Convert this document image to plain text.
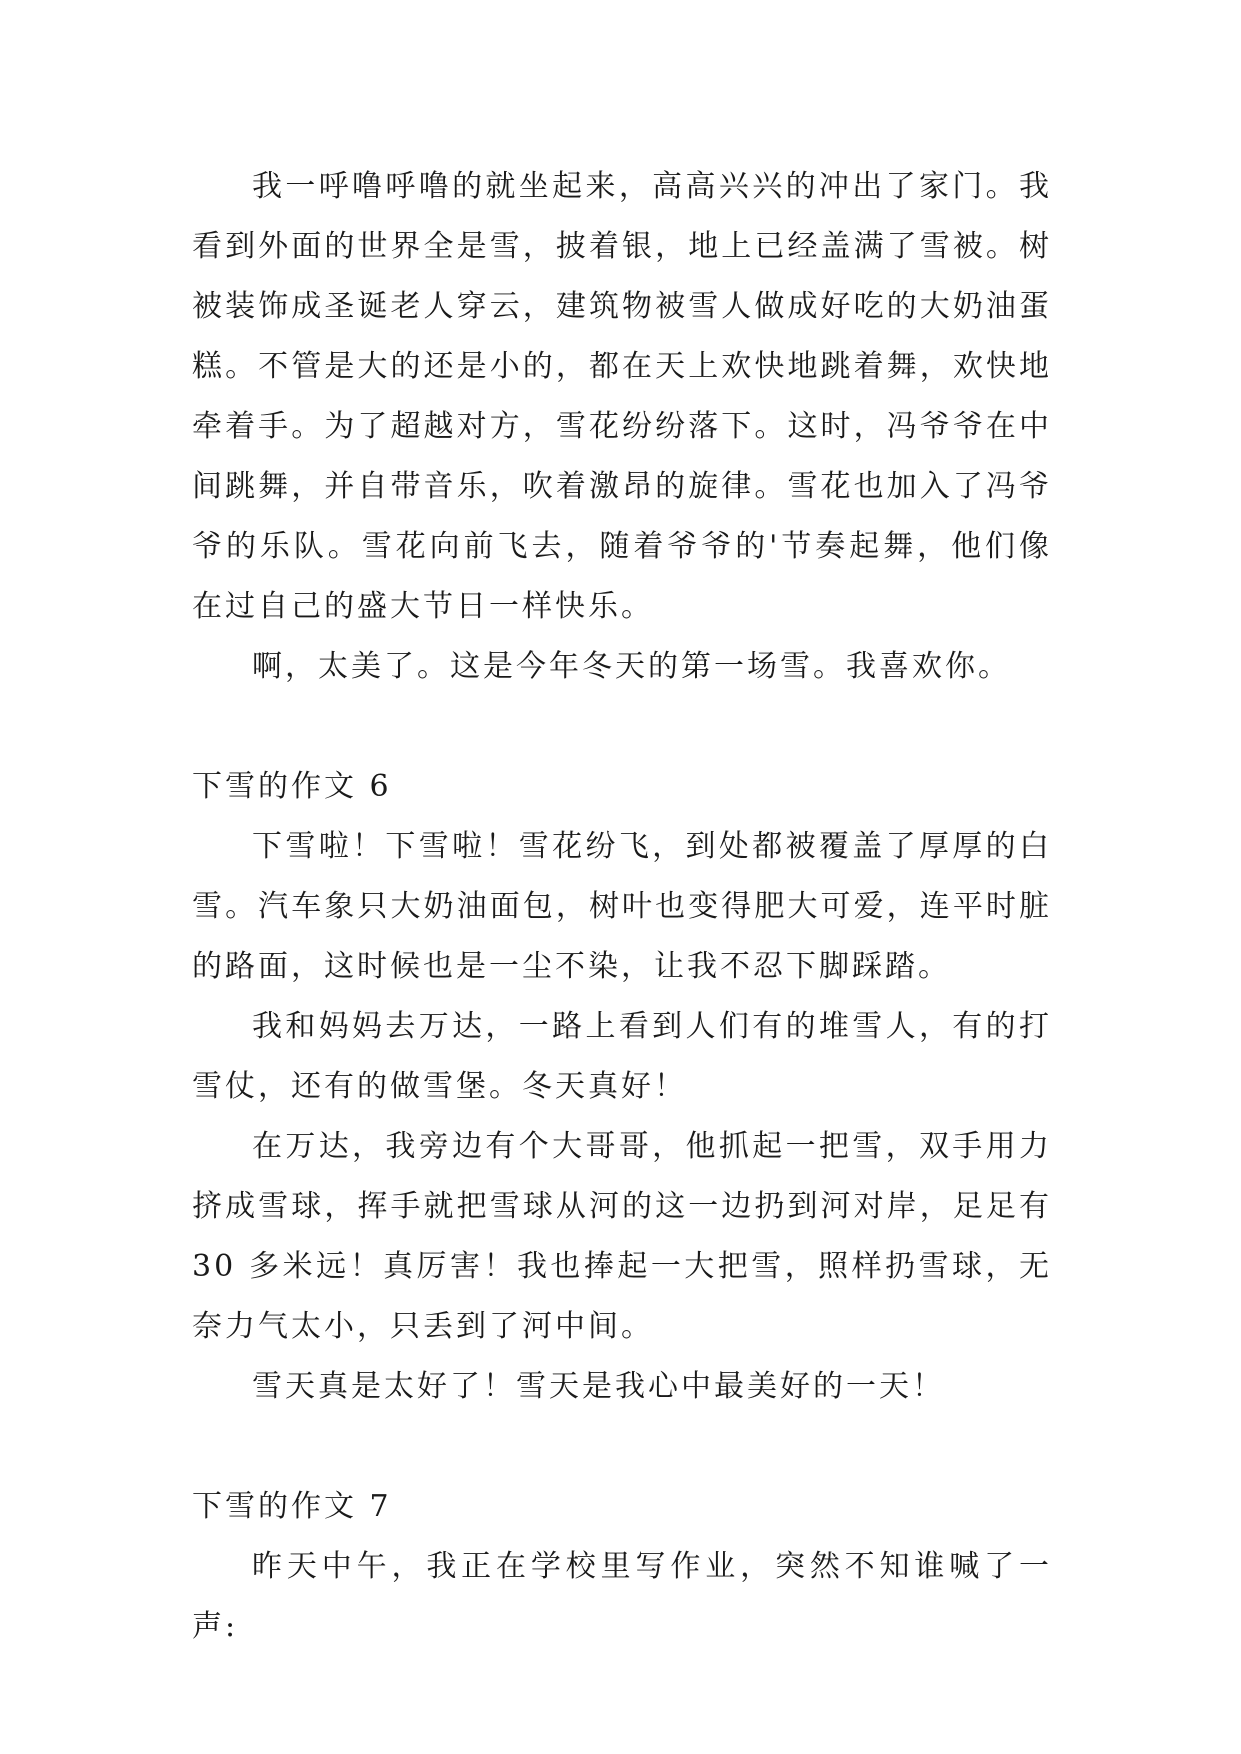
我一呼噜呼噜的就坐起来，高高兴兴的冲出了家门。我看到外面的世界全是雪，披着银，地上已经盖满了雪被。树被装饰成圣诞老人穿云，建筑物被雪人做成好吃的大奶油蛋糕。不管是大的还是小的，都在天上欢快地跳着舞，欢快地牵着手。为了超越对方，雪花纷纷落下。这时，冯爷爷在中间跳舞，并自带音乐，吹着激昂的旋律。雪花也加入了冯爷爷的乐队。雪花向前飞去，随着爷爷的'节奏起舞，他们像在过自己的盛大节日一样快乐。

啊，太美了。这是今年冬天的第一场雪。我喜欢你。

下雪的作文 6

下雪啦！下雪啦！雪花纷飞，到处都被覆盖了厚厚的白雪。汽车象只大奶油面包，树叶也变得肥大可爱，连平时脏的路面，这时候也是一尘不染，让我不忍下脚踩踏。

我和妈妈去万达，一路上看到人们有的堆雪人，有的打雪仗，还有的做雪堡。冬天真好！

在万达，我旁边有个大哥哥，他抓起一把雪，双手用力挤成雪球，挥手就把雪球从河的这一边扔到河对岸，足足有30 多米远！真厉害！我也捧起一大把雪，照样扔雪球，无奈力气太小，只丢到了河中间。

雪天真是太好了！雪天是我心中最美好的一天！

下雪的作文 7

昨天中午，我正在学校里写作业，突然不知谁喊了一声:
